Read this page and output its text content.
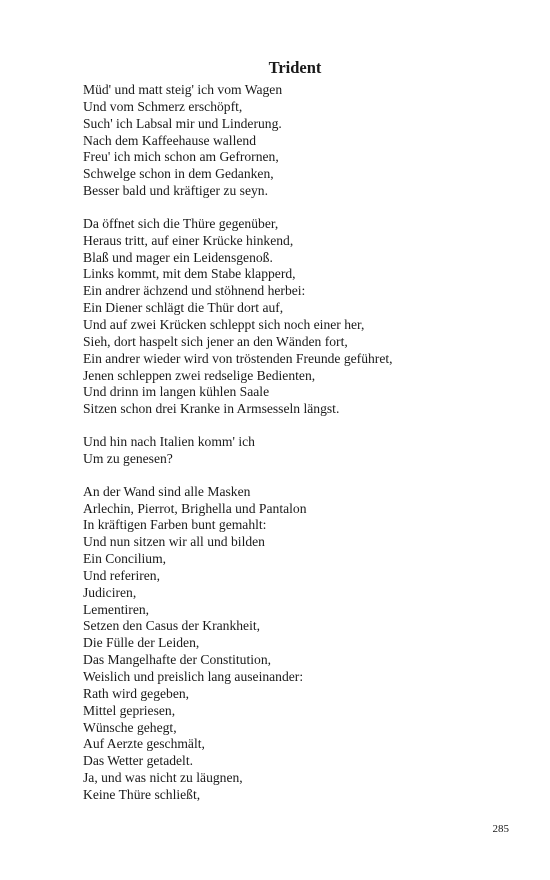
Trident
Müd' und matt steig' ich vom Wagen
Und vom Schmerz erschöpft,
Such' ich Labsal mir und Linderung.
Nach dem Kaffeehause wallend
Freu' ich mich schon am Gefrornen,
Schwelge schon in dem Gedanken,
Besser bald und kräftiger zu seyn.
Da öffnet sich die Thüre gegenüber,
Heraus tritt, auf einer Krücke hinkend,
Blaß und mager ein Leidensgenoß.
Links kommt, mit dem Stabe klapperd,
Ein andrer ächzend und stöhnend herbei:
Ein Diener schlägt die Thür dort auf,
Und auf zwei Krücken schleppt sich noch einer her,
Sieh, dort haspelt sich jener an den Wänden fort,
Ein andrer wieder wird von tröstenden Freunde geführet,
Jenen schleppen zwei redselige Bedienten,
Und drinn im langen kühlen Saale
Sitzen schon drei Kranke in Armsesseln längst.
Und hin nach Italien komm' ich
Um zu genesen?
An der Wand sind alle Masken
Arlechin, Pierrot, Brighella und Pantalon
In kräftigen Farben bunt gemahlt:
Und nun sitzen wir all und bilden
Ein Concilium,
Und referiren,
Judiciren,
Lementiren,
Setzen den Casus der Krankheit,
Die Fülle der Leiden,
Das Mangelhafte der Constitution,
Weislich und preislich lang auseinander:
Rath wird gegeben,
Mittel gepriesen,
Wünsche gehegt,
Auf Aerzte geschmält,
Das Wetter getadelt.
Ja, und was nicht zu läugnen,
Keine Thüre schließt,
285
